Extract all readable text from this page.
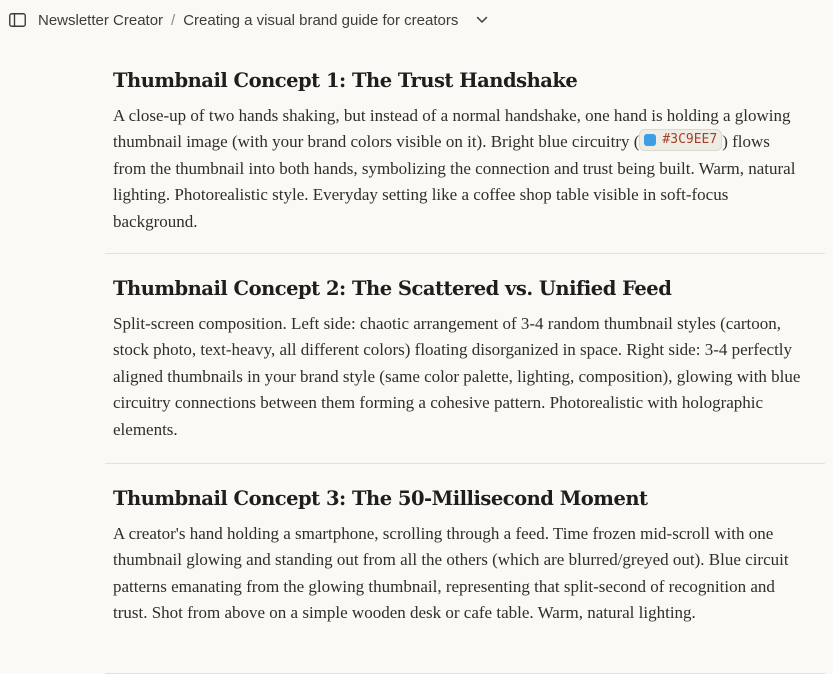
Newsletter Creator / Creating a visual brand guide for creators
Thumbnail Concept 1: The Trust Handshake

A close-up of two hands shaking, but instead of a normal handshake, one hand is holding a glowing thumbnail image (with your brand colors visible on it). Bright blue circuitry ( #3C9EE7 ) flows from the thumbnail into both hands, symbolizing the connection and trust being built. Warm, natural lighting. Photorealistic style. Everyday setting like a coffee shop table visible in soft-focus background.

Thumbnail Concept 2: The Scattered vs. Unified Feed

Split-screen composition. Left side: chaotic arrangement of 3-4 random thumbnail styles (cartoon, stock photo, text-heavy, all different colors) floating disorganized in space. Right side: 3-4 perfectly aligned thumbnails in your brand style (same color palette, lighting, composition), glowing with blue circuitry connections between them forming a cohesive pattern. Photorealistic with holographic elements.

Thumbnail Concept 3: The 50-Millisecond Moment

A creator's hand holding a smartphone, scrolling through a feed. Time frozen mid-scroll with one thumbnail glowing and standing out from all the others (which are blurred/greyed out). Blue circuit patterns emanating from the glowing thumbnail, representing that split-second of recognition and trust. Shot from above on a simple wooden desk or cafe table. Warm, natural lighting.
